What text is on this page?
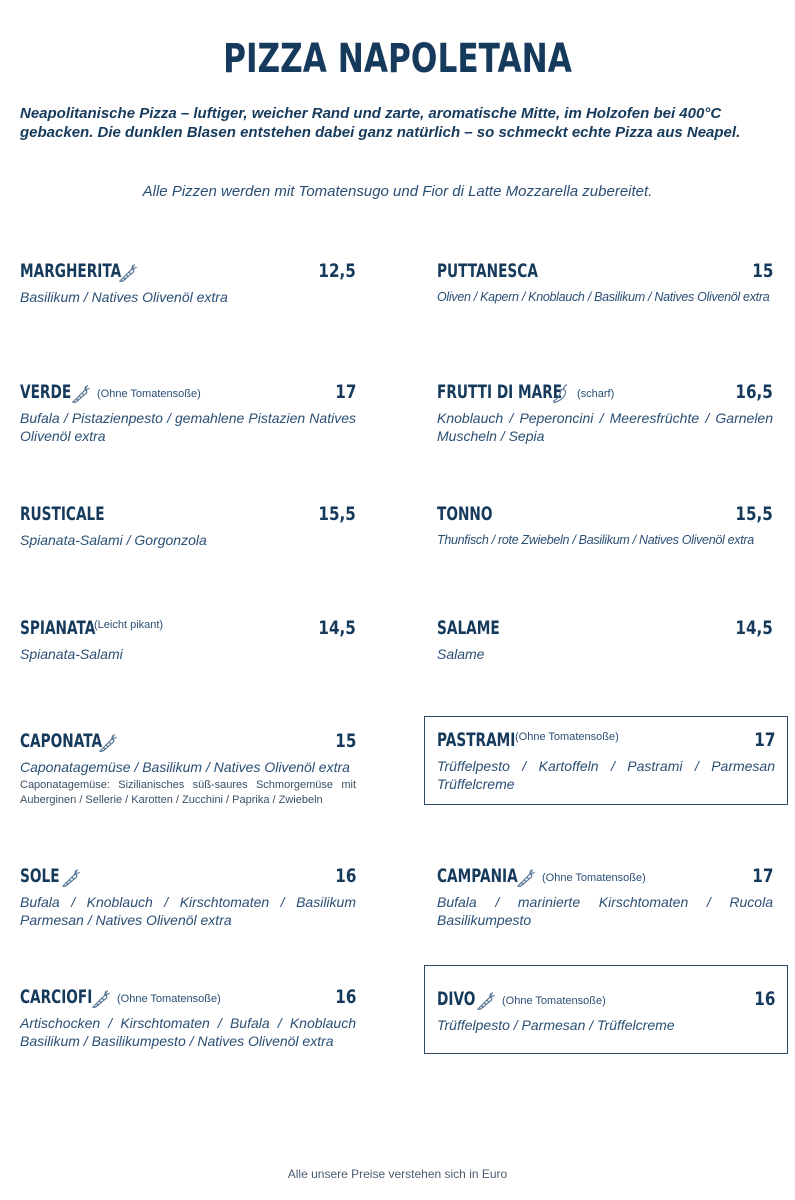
PIZZA NAPOLETANA

Neapolitanische Pizza – luftiger, weicher Rand und zarte, aromatische Mitte, im Holzofen bei 400°C gebacken. Die dunklen Blasen entstehen dabei ganz natürlich – so schmeckt echte Pizza aus Neapel.

Alle Pizzen werden mit Tomatensugo und Fior di Latte Mozzarella zubereitet.

MARGHERITA	12,5
Basilikum / Natives Olivenöl extra
PUTTANESCA	15
Oliven / Kapern / Knoblauch / Basilikum / Natives Olivenöl extra
VERDE (Ohne Tomatensoße)	17
Bufala / Pistazienpesto / gemahlene Pistazien Natives Olivenöl extra
FRUTTI DI MARE (scharf)	16,5
Knoblauch / Peperoncini / Meeresfrüchte / Garnelen Muscheln / Sepia
RUSTICALE	15,5
Spianata-Salami / Gorgonzola
TONNO	15,5
Thunfisch / rote Zwiebeln / Basilikum / Natives Olivenöl extra
SPIANATA
(Leicht pikant)	14,5
Spianata-Salami
SALAME	14,5
Salame
CAPONATA	15
Caponatagemüse / Basilikum / Natives Olivenöl extra
Caponatagemüse: Sizilianisches süß-saures Schmorgemüse mit Auberginen / Sellerie / Karotten / Zucchini / Paprika / Zwiebeln
PASTRAMI (Ohne Tomatensoße)	17
Trüffelpesto / Kartoffeln / Pastrami / Parmesan Trüffelcreme
SOLE	16
Bufala / Knoblauch / Kirschtomaten / Basilikum Parmesan / Natives Olivenöl extra
CAMPANIA (Ohne Tomatensoße)	17
Bufala / marinierte Kirschtomaten / Rucola Basilikumpesto
CARCIOFI (Ohne Tomatensoße)	16
Artischocken / Kirschtomaten / Bufala / Knoblauch Basilikum / Basilikumpesto / Natives Olivenöl extra
DIVO (Ohne Tomatensoße)	16
Trüffelpesto / Parmesan / Trüffelcreme

Alle unsere Preise verstehen sich in Euro
